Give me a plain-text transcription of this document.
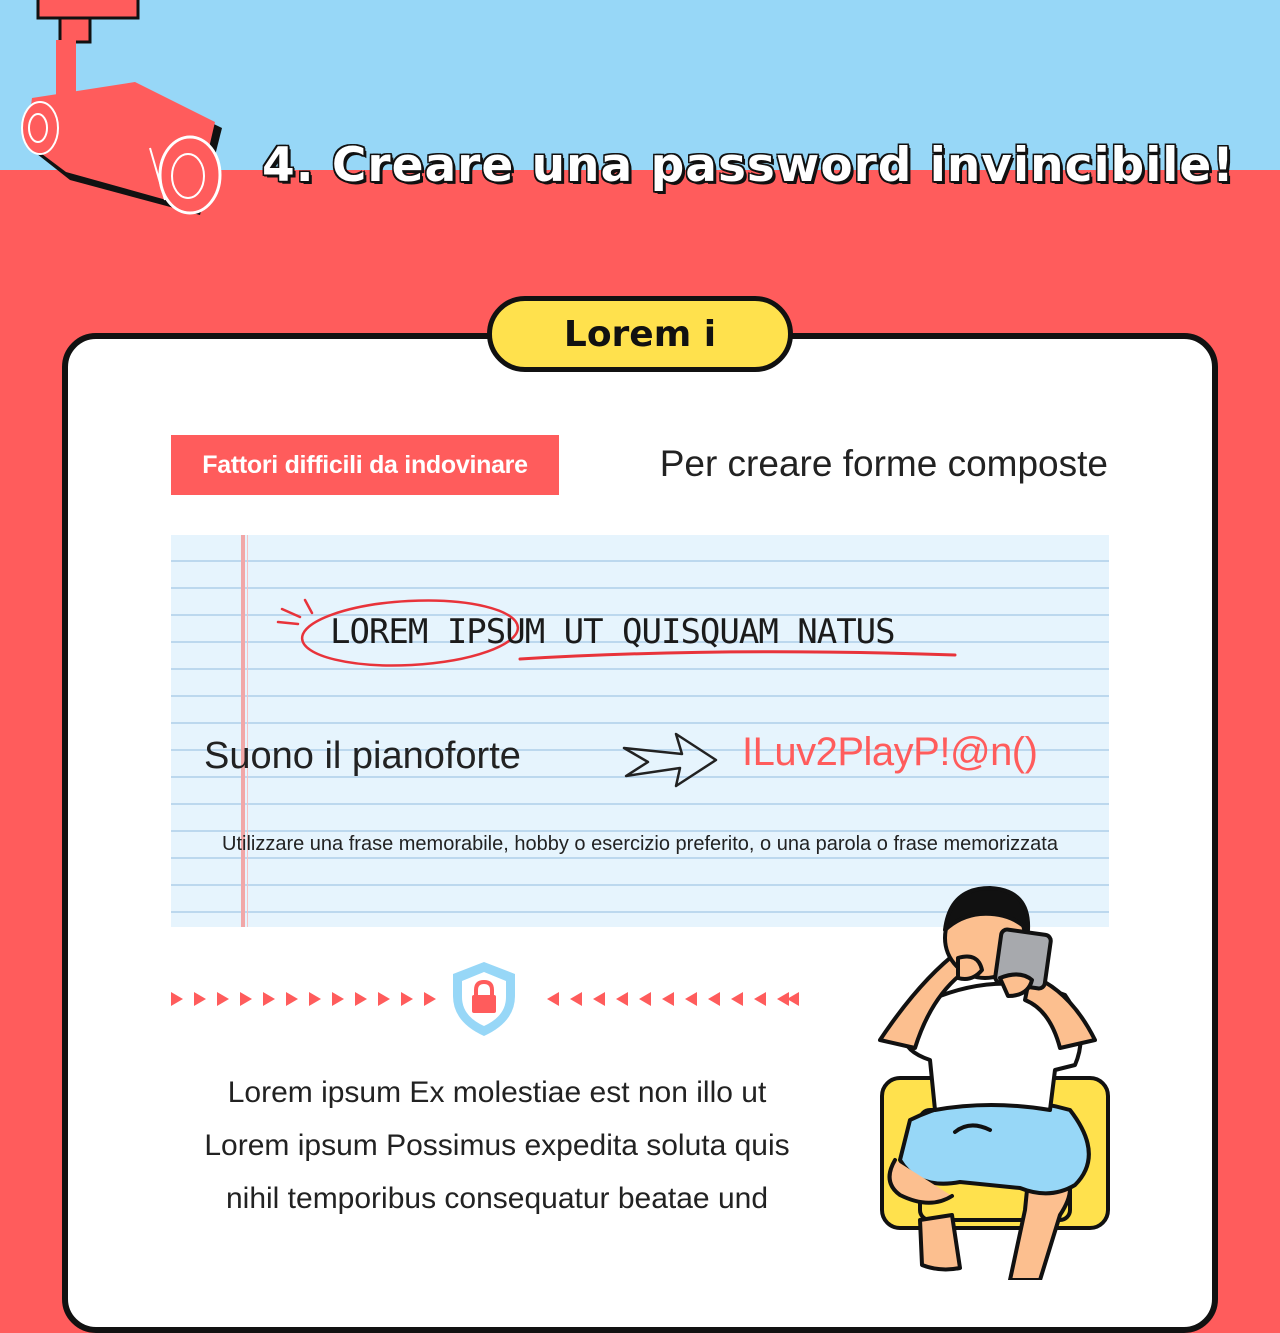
4. Creare una password invincibile!
Lorem i
Fattori difficili da indovinare	Per creare forme composte
LOREM IPSUM UT QUISQUAM NATUS
Suono il pianoforte	ILuv2PlayP!@n()
Utilizzare una frase memorabile, hobby o esercizio preferito, o una parola o frase memorizzata
Lorem ipsum Ex molestiae est non illo ut
Lorem ipsum Possimus expedita soluta quis
nihil temporibus consequatur beatae und
